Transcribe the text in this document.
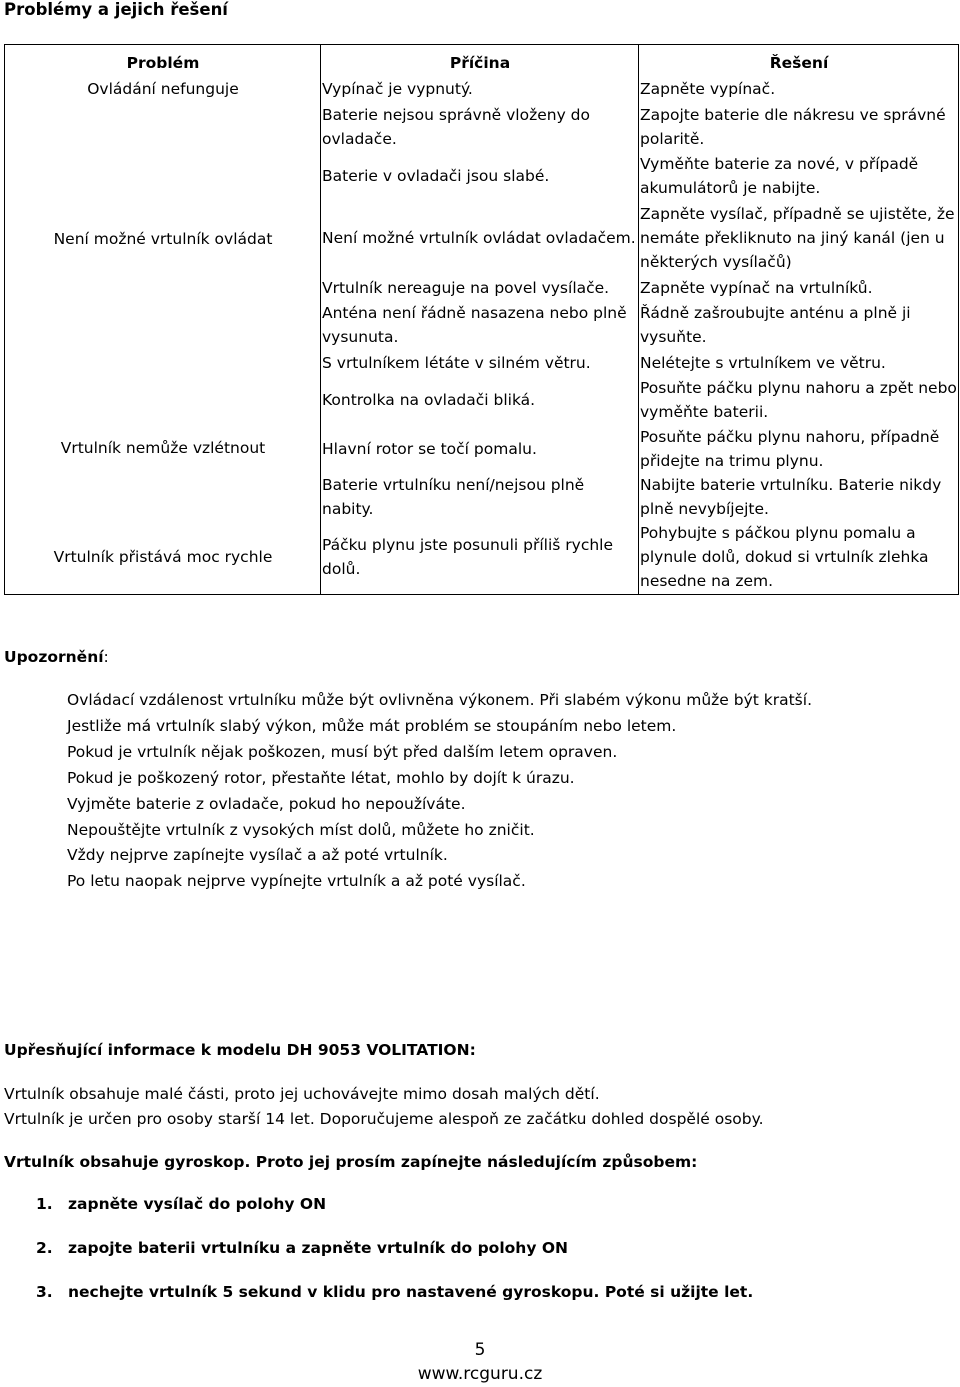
Problémy a jejich řešení
Problém	Příčina	Řešení
Ovládání nefunguje	Vypínač je vypnutý.	Zapněte vypínač.
Není možné vrtulník ovládat	Baterie nejsou správně vloženy do ovladače.	Zapojte baterie dle nákresu ve správné polaritě.
	Baterie v ovladači jsou slabé.	Vyměňte baterie za nové, v případě akumulátorů je nabijte.
	Není možné vrtulník ovládat ovladačem.	Zapněte vysílač, případně se ujistěte, že nemáte překliknuto na jiný kanál (jen u některých vysílačů)
	Vrtulník nereaguje na povel vysílače.	Zapněte vypínač na vrtulníků.
	Anténa není řádně nasazena nebo plně vysunuta.	Řádně zašroubujte anténu a plně ji vysuňte.
	S vrtulníkem létáte v silném větru.	Nelétejte s vrtulníkem ve větru.
Vrtulník nemůže vzlétnout	Kontrolka na ovladači bliká.	Posuňte páčku plynu nahoru a zpět nebo vyměňte baterii.
	Hlavní rotor se točí pomalu.	Posuňte páčku plynu nahoru, případně přidejte na trimu plynu.
	Baterie vrtulníku není/nejsou plně nabity.	Nabijte baterie vrtulníku. Baterie nikdy plně nevybíjejte.
Vrtulník přistává moc rychle	Páčku plynu jste posunuli příliš rychle dolů.	Pohybujte s páčkou plynu pomalu a plynule dolů, dokud si vrtulník zlehka nesedne na zem.
Upozornění:
Ovládací vzdálenost vrtulníku může být ovlivněna výkonem. Při slabém výkonu může být kratší.
Jestliže má vrtulník slabý výkon, může mát problém se stoupáním nebo letem.
Pokud je vrtulník nějak poškozen, musí být před dalším letem opraven.
Pokud je poškozený rotor, přestaňte létat, mohlo by dojít k úrazu.
Vyjměte baterie z ovladače, pokud ho nepoužíváte.
Nepouštějte vrtulník z vysokých míst dolů, můžete ho zničit.
Vždy nejprve zapínejte vysílač a až poté vrtulník.
Po letu naopak nejprve vypínejte vrtulník a až poté vysílač.
Upřesňující informace k modelu DH 9053 VOLITATION:
Vrtulník obsahuje malé části, proto jej uchovávejte mimo dosah malých dětí.
Vrtulník je určen pro osoby starší 14 let. Doporučujeme alespoň ze začátku dohled dospělé osoby.
Vrtulník obsahuje gyroskop. Proto jej prosím zapínejte následujícím způsobem:
1. zapněte vysílač do polohy ON
2. zapojte baterii vrtulníku a zapněte vrtulník do polohy ON
3. nechejte vrtulník 5 sekund v klidu pro nastavené gyroskopu. Poté si užijte let.
5
www.rcguru.cz
